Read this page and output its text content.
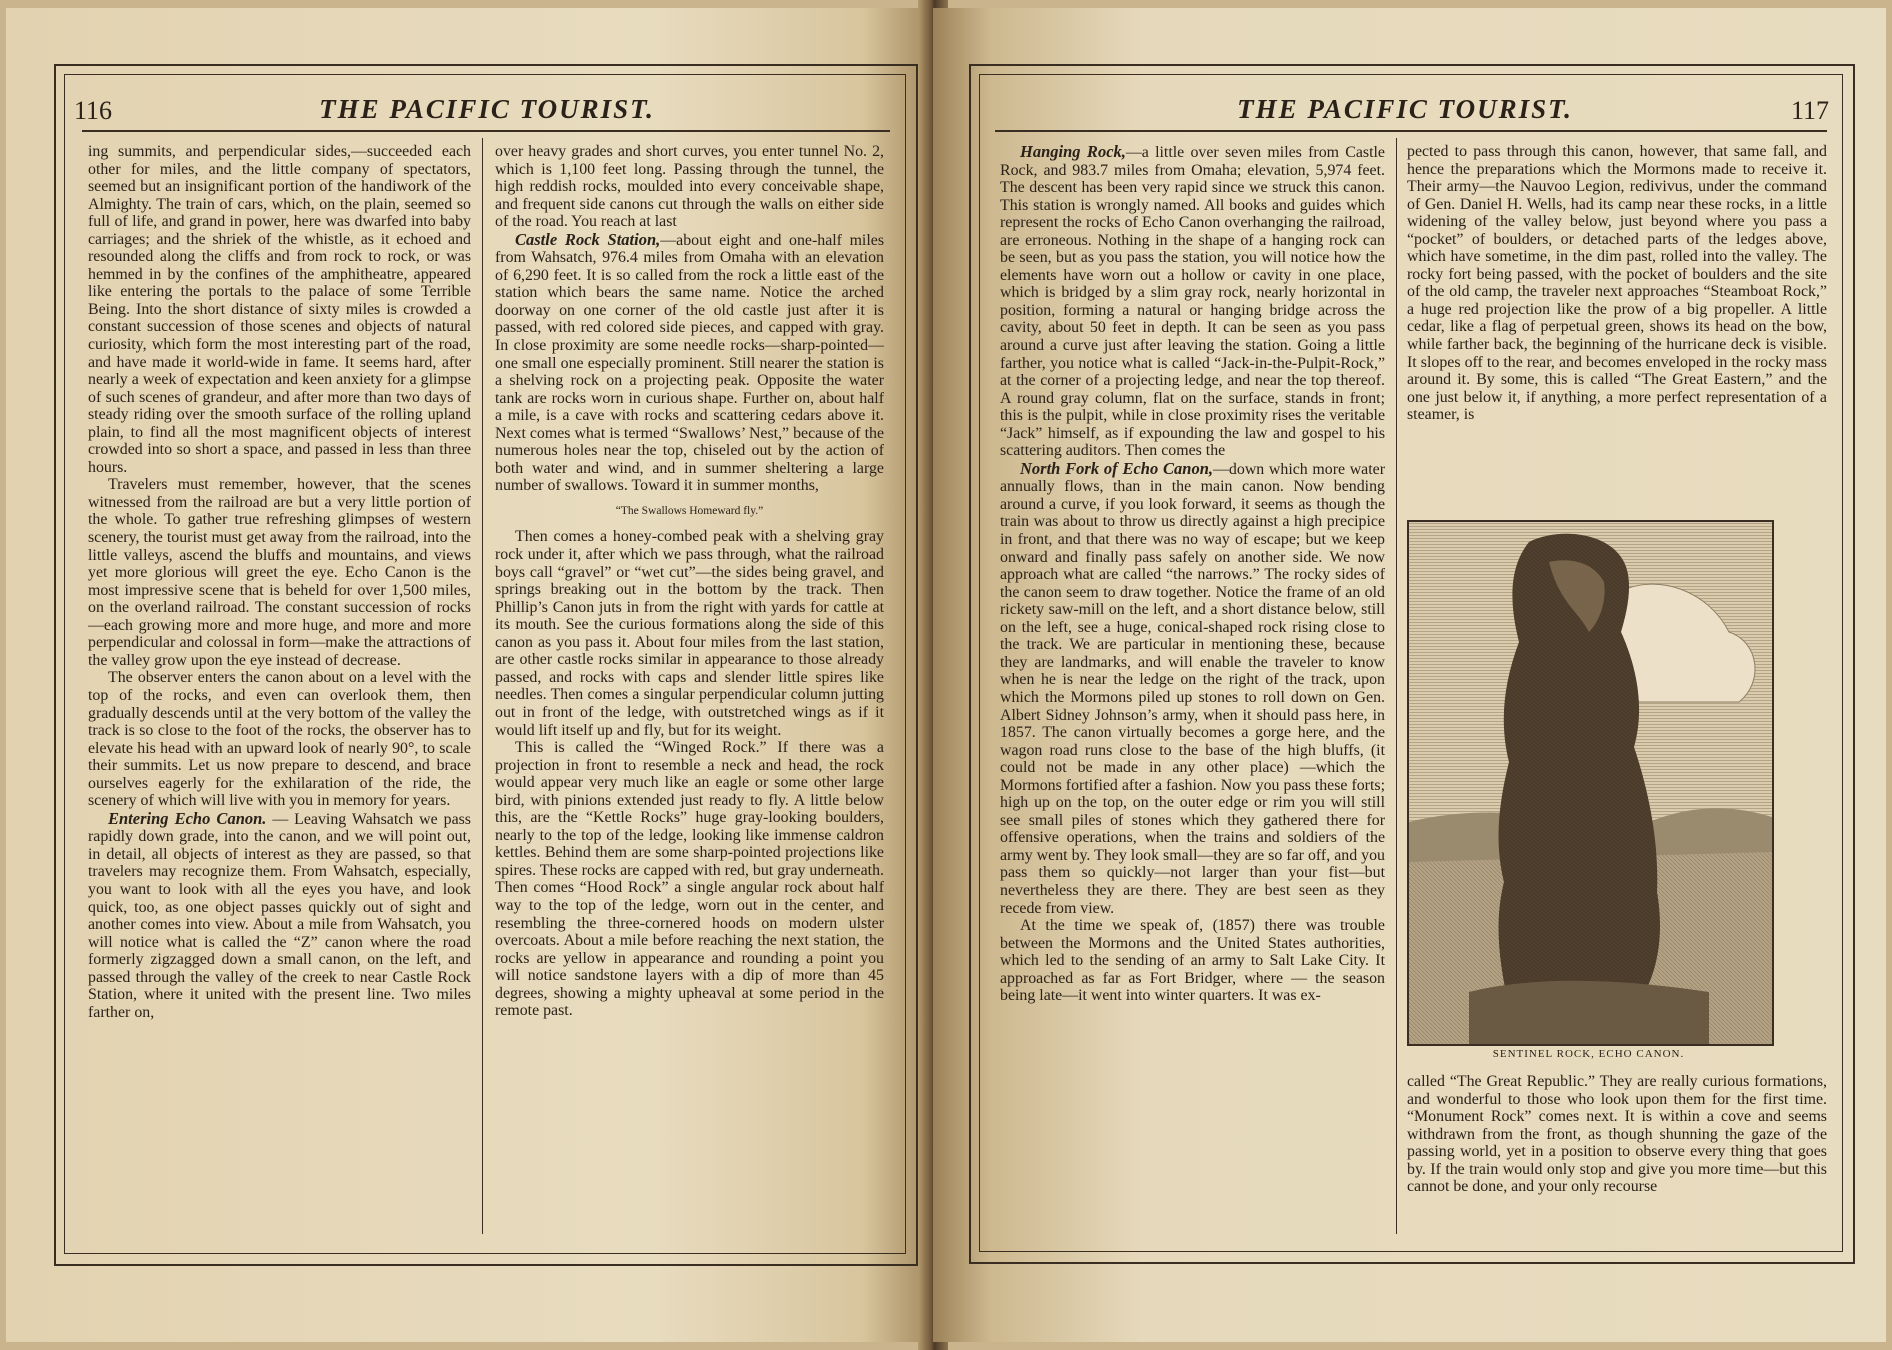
116	THE PACIFIC TOURIST.

ing summits, and perpendicular sides,—succeeded each other for miles, and the little company of spectators, seemed but an insignificant portion of the handiwork of the Almighty. The train of cars, which, on the plain, seemed so full of life, and grand in power, here was dwarfed into baby carriages; and the shriek of the whistle, as it echoed and resounded along the cliffs and from rock to rock, or was hemmed in by the confines of the amphitheatre, appeared like entering the portals to the palace of some Terrible Being. Into the short distance of sixty miles is crowded a constant succession of those scenes and objects of natural curiosity, which form the most interesting part of the road, and have made it world-wide in fame. It seems hard, after nearly a week of expectation and keen anxiety for a glimpse of such scenes of grandeur, and after more than two days of steady riding over the smooth surface of the rolling upland plain, to find all the most magnificent objects of interest crowded into so short a space, and passed in less than three hours.

Travelers must remember, however, that the scenes witnessed from the railroad are but a very little portion of the whole. To gather true refreshing glimpses of western scenery, the tourist must get away from the railroad, into the little valleys, ascend the bluffs and mountains, and views yet more glorious will greet the eye. Echo Canon is the most impressive scene that is beheld for over 1,500 miles, on the overland railroad. The constant succession of rocks—each growing more and more huge, and more and more perpendicular and colossal in form—make the attractions of the valley grow upon the eye instead of decrease.

The observer enters the canon about on a level with the top of the rocks, and even can overlook them, then gradually descends until at the very bottom of the valley the track is so close to the foot of the rocks, the observer has to elevate his head with an upward look of nearly 90°, to scale their summits. Let us now prepare to descend, and brace ourselves eagerly for the exhilaration of the ride, the scenery of which will live with you in memory for years.

Entering Echo Canon. — Leaving Wahsatch we pass rapidly down grade, into the canon, and we will point out, in detail, all objects of interest as they are passed, so that travelers may recognize them. From Wahsatch, especially, you want to look with all the eyes you have, and look quick, too, as one object passes quickly out of sight and another comes into view. About a mile from Wahsatch, you will notice what is called the “Z” canon where the road formerly zigzagged down a small canon, on the left, and passed through the valley of the creek to near Castle Rock Station, where it united with the present line. Two miles farther on,

over heavy grades and short curves, you enter tunnel No. 2, which is 1,100 feet long. Passing through the tunnel, the high reddish rocks, moulded into every conceivable shape, and frequent side canons cut through the walls on either side of the road. You reach at last

Castle Rock Station,—about eight and one-half miles from Wahsatch, 976.4 miles from Omaha with an elevation of 6,290 feet. It is so called from the rock a little east of the station which bears the same name. Notice the arched doorway on one corner of the old castle just after it is passed, with red colored side pieces, and capped with gray. In close proximity are some needle rocks—sharp-pointed—one small one especially prominent. Still nearer the station is a shelving rock on a projecting peak. Opposite the water tank are rocks worn in curious shape. Further on, about half a mile, is a cave with rocks and scattering cedars above it. Next comes what is termed “Swallows’ Nest,” because of the numerous holes near the top, chiseled out by the action of both water and wind, and in summer sheltering a large number of swallows. Toward it in summer months,

“The Swallows Homeward fly.”

Then comes a honey-combed peak with a shelving gray rock under it, after which we pass through, what the railroad boys call “gravel” or “wet cut”—the sides being gravel, and springs breaking out in the bottom by the track. Then Phillip’s Canon juts in from the right with yards for cattle at its mouth. See the curious formations along the side of this canon as you pass it. About four miles from the last station, are other castle rocks similar in appearance to those already passed, and rocks with caps and slender little spires like needles. Then comes a singular perpendicular column jutting out in front of the ledge, with outstretched wings as if it would lift itself up and fly, but for its weight.

This is called the “Winged Rock.” If there was a projection in front to resemble a neck and head, the rock would appear very much like an eagle or some other large bird, with pinions extended just ready to fly. A little below this, are the “Kettle Rocks” huge gray-looking boulders, nearly to the top of the ledge, looking like immense caldron kettles. Behind them are some sharp-pointed projections like spires. These rocks are capped with red, but gray underneath. Then comes “Hood Rock” a single angular rock about half way to the top of the ledge, worn out in the center, and resembling the three-cornered hoods on modern ulster overcoats. About a mile before reaching the next station, the rocks are yellow in appearance and rounding a point you will notice sandstone layers with a dip of more than 45 degrees, showing a mighty upheaval at some period in the remote past.

THE PACIFIC TOURIST.	117

Hanging Rock,—a little over seven miles from Castle Rock, and 983.7 miles from Omaha; elevation, 5,974 feet. The descent has been very rapid since we struck this canon. This station is wrongly named. All books and guides which represent the rocks of Echo Canon overhanging the railroad, are erroneous. Nothing in the shape of a hanging rock can be seen, but as you pass the station, you will notice how the elements have worn out a hollow or cavity in one place, which is bridged by a slim gray rock, nearly horizontal in position, forming a natural or hanging bridge across the cavity, about 50 feet in depth. It can be seen as you pass around a curve just after leaving the station. Going a little farther, you notice what is called “Jack-in-the-Pulpit-Rock,” at the corner of a projecting ledge, and near the top thereof. A round gray column, flat on the surface, stands in front; this is the pulpit, while in close proximity rises the veritable “Jack” himself, as if expounding the law and gospel to his scattering auditors. Then comes the

North Fork of Echo Canon,—down which more water annually flows, than in the main canon. Now bending around a curve, if you look forward, it seems as though the train was about to throw us directly against a high precipice in front, and that there was no way of escape; but we keep onward and finally pass safely on another side. We now approach what are called “the narrows.” The rocky sides of the canon seem to draw together. Notice the frame of an old rickety saw-mill on the left, and a short distance below, still on the left, see a huge, conical-shaped rock rising close to the track. We are particular in mentioning these, because they are landmarks, and will enable the traveler to know when he is near the ledge on the right of the track, upon which the Mormons piled up stones to roll down on Gen. Albert Sidney Johnson’s army, when it should pass here, in 1857. The canon virtually becomes a gorge here, and the wagon road runs close to the base of the high bluffs, (it could not be made in any other place) —which the Mormons fortified after a fashion. Now you pass these forts; high up on the top, on the outer edge or rim you will still see small piles of stones which they gathered there for offensive operations, when the trains and soldiers of the army went by. They look small—they are so far off, and you pass them so quickly—not larger than your fist—but nevertheless they are there. They are best seen as they recede from view.

At the time we speak of, (1857) there was trouble between the Mormons and the United States authorities, which led to the sending of an army to Salt Lake City. It approached as far as Fort Bridger, where — the season being late—it went into winter quarters. It was ex-

pected to pass through this canon, however, that same fall, and hence the preparations which the Mormons made to receive it. Their army—the Nauvoo Legion, redivivus, under the command of Gen. Daniel H. Wells, had its camp near these rocks, in a little widening of the valley below, just beyond where you pass a “pocket” of boulders, or detached parts of the ledges above, which have sometime, in the dim past, rolled into the valley. The rocky fort being passed, with the pocket of boulders and the site of the old camp, the traveler next approaches “Steamboat Rock,” a huge red projection like the prow of a big propeller. A little cedar, like a flag of perpetual green, shows its head on the bow, while farther back, the beginning of the hurricane deck is visible. It slopes off to the rear, and becomes enveloped in the rocky mass around it. By some, this is called “The Great Eastern,” and the one just below it, if anything, a more perfect representation of a steamer, is

SENTINEL ROCK, ECHO CANON.

called “The Great Republic.” They are really curious formations, and wonderful to those who look upon them for the first time. “Monument Rock” comes next. It is within a cove and seems withdrawn from the front, as though shunning the gaze of the passing world, yet in a position to observe every thing that goes by. If the train would only stop and give you more time—but this cannot be done, and your only recourse
